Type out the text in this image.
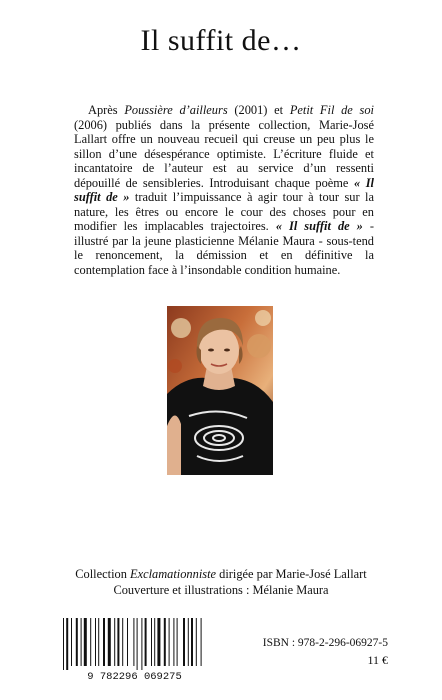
Il suffit de…

Après Poussière d’ailleurs (2001) et Petit Fil de soi (2006) publiés dans la présente collection, Marie-José Lallart offre un nouveau recueil qui creuse un peu plus le sillon d’une désespérance optimiste. L’écriture fluide et incantatoire de l’auteur est au service d’un ressenti dépouillé de sensibleries. Introduisant chaque poème « Il suffit de » traduit l’impuissance à agir tour à tour sur la nature, les êtres ou encore le cour des choses pour en modifier les implacables trajectoires. « Il suffit de » - illustré par la jeune plasticienne Mélanie Maura - sous-tend le renoncement, la démission et en définitive la contemplation face à l’insondable condition humaine.

Collection Exclamationniste dirigée par Marie-José Lallart
Couverture et illustrations : Mélanie Maura
9 782296 069275
ISBN : 978-2-296-06927-5
11 €
